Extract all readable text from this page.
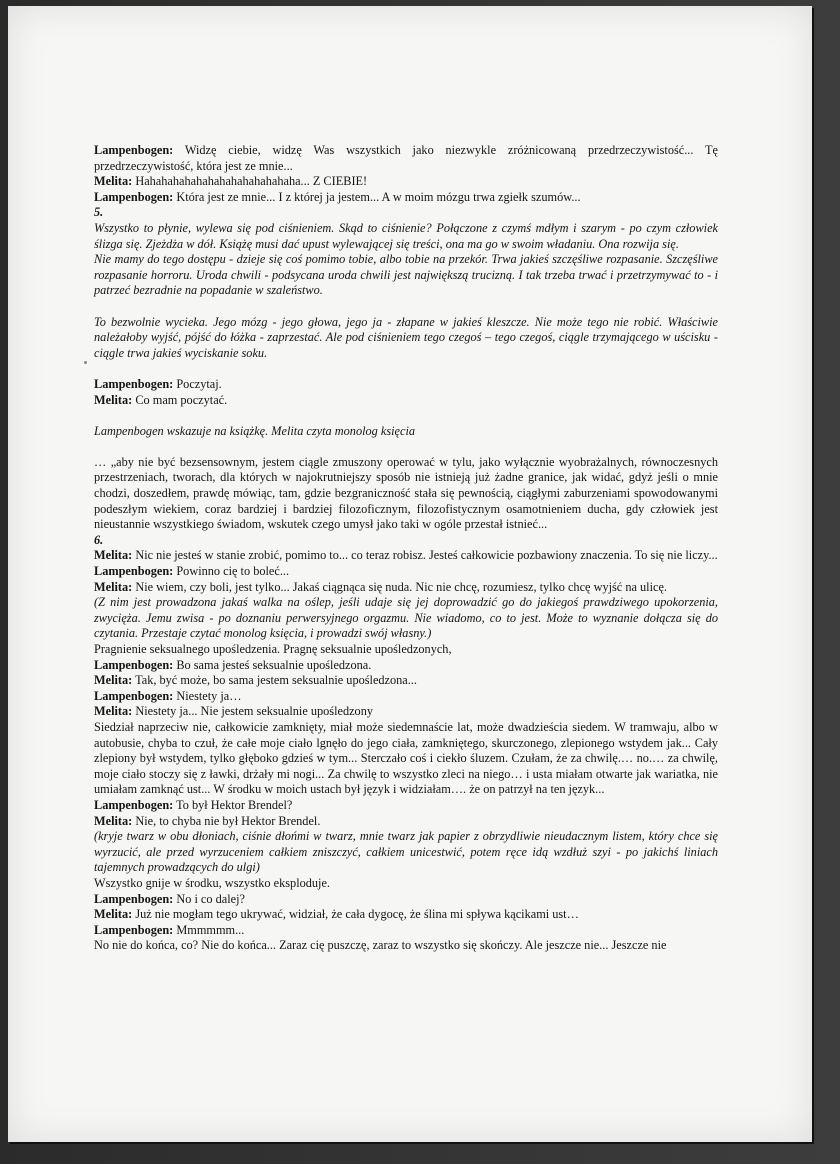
Lampenbogen: Widzę ciebie, widzę Was wszystkich jako niezwykle zróżnicowaną przedrzeczywistość... Tę przedrzeczywistość, która jest ze mnie...

Melita: Hahahahahahahahahahahahahaha... Z CIEBIE!

Lampenbogen: Która jest ze mnie... I z której ja jestem... A w moim mózgu trwa zgiełk szumów...

5.

Wszystko to płynie, wylewa się pod ciśnieniem. Skąd to ciśnienie? Połączone z czymś mdłym i szarym - po czym człowiek ślizga się. Zjeżdża w dół. Książę musi dać upust wylewającej się treści, ona ma go w swoim władaniu. Ona rozwija się.

Nie mamy do tego dostępu - dzieje się coś pomimo tobie, albo tobie na przekór. Trwa jakieś szczęśliwe rozpasanie. Szczęśliwe rozpasanie horroru. Uroda chwili - podsycana uroda chwili jest największą trucizną. I tak trzeba trwać i przetrzymywać to - i patrzeć bezradnie na popadanie w szaleństwo.

To bezwolnie wycieka. Jego mózg - jego głowa, jego ja - złapane w jakieś kleszcze. Nie może tego nie robić. Właściwie należałoby wyjść, pójść do łóżka - zaprzestać. Ale pod ciśnieniem tego czegoś – tego czegoś, ciągle trzymającego w uścisku - ciągle trwa jakieś wyciskanie soku.

Lampenbogen: Poczytaj.

Melita: Co mam poczytać.

Lampenbogen wskazuje na książkę. Melita czyta monolog księcia

… „aby nie być bezsensownym, jestem ciągle zmuszony operować w tylu, jako wyłącznie wyobrażalnych, równoczesnych przestrzeniach, tworach, dla których w najokrutniejszy sposób nie istnieją już żadne granice, jak widać, gdyż jeśli o mnie chodzi, doszedłem, prawdę mówiąc, tam, gdzie bezgraniczność stała się pewnością, ciągłymi zaburzeniami spowodowanymi podeszłym wiekiem, coraz bardziej i bardziej filozoficznym, filozofistycznym osamotnieniem ducha, gdy człowiek jest nieustannie wszystkiego świadom, wskutek czego umysł jako taki w ogóle przestał istnieć...

6.

Melita: Nic nie jesteś w stanie zrobić, pomimo to... co teraz robisz. Jesteś całkowicie pozbawiony znaczenia. To się nie liczy...

Lampenbogen: Powinno cię to boleć...

Melita: Nie wiem, czy boli, jest tylko... Jakaś ciągnąca się nuda. Nic nie chcę, rozumiesz, tylko chcę wyjść na ulicę.

(Z nim jest prowadzona jakaś walka na oślep, jeśli udaje się jej doprowadzić go do jakiegoś prawdziwego upokorzenia, zwycięża. Jemu zwisa - po doznaniu perwersyjnego orgazmu. Nie wiadomo, co to jest. Może to wyznanie dołącza się do czytania. Przestaje czytać monolog księcia, i prowadzi swój własny.)

Pragnienie seksualnego upośledzenia. Pragnę seksualnie upośledzonych,

Lampenbogen: Bo sama jesteś seksualnie upośledzona.

Melita: Tak, być może, bo sama jestem seksualnie upośledzona...

Lampenbogen: Niestety ja…

Melita: Niestety ja... Nie jestem seksualnie upośledzony

Siedział naprzeciw nie, całkowicie zamknięty, miał może siedemnaście lat, może dwadzieścia siedem. W tramwaju, albo w autobusie, chyba to czuł, że całe moje ciało lgnęło do jego ciała, zamkniętego, skurczonego, zlepionego wstydem jak... Cały zlepiony był wstydem, tylko głęboko gdzieś w tym... Sterczało coś i ciekło śluzem. Czułam, że za chwilę.… no.… za chwilę, moje ciało stoczy się z ławki, drżały mi nogi... Za chwilę to wszystko zleci na niego… i usta miałam otwarte jak wariatka, nie umiałam zamknąć ust... W środku w moich ustach był język i widziałam…. że on patrzył na ten język...

Lampenbogen: To był Hektor Brendel?

Melita: Nie, to chyba nie był Hektor Brendel.

(kryje twarz w obu dłoniach, ciśnie dłońmi w twarz, mnie twarz jak papier z obrzydliwie nieudacznym listem, który chce się wyrzucić, ale przed wyrzuceniem całkiem zniszczyć, całkiem unicestwić, potem ręce idą wzdłuż szyi - po jakichś liniach tajemnych prowadzących do ulgi)

Wszystko gnije w środku, wszystko eksploduje.

Lampenbogen: No i co dalej?

Melita: Już nie mogłam tego ukrywać, widział, że cała dygocę, że ślina mi spływa kącikami ust…

Lampenbogen: Mmmmmm...

No nie do końca, co? Nie do końca... Zaraz cię puszczę, zaraz to wszystko się skończy. Ale jeszcze nie... Jeszcze nie
